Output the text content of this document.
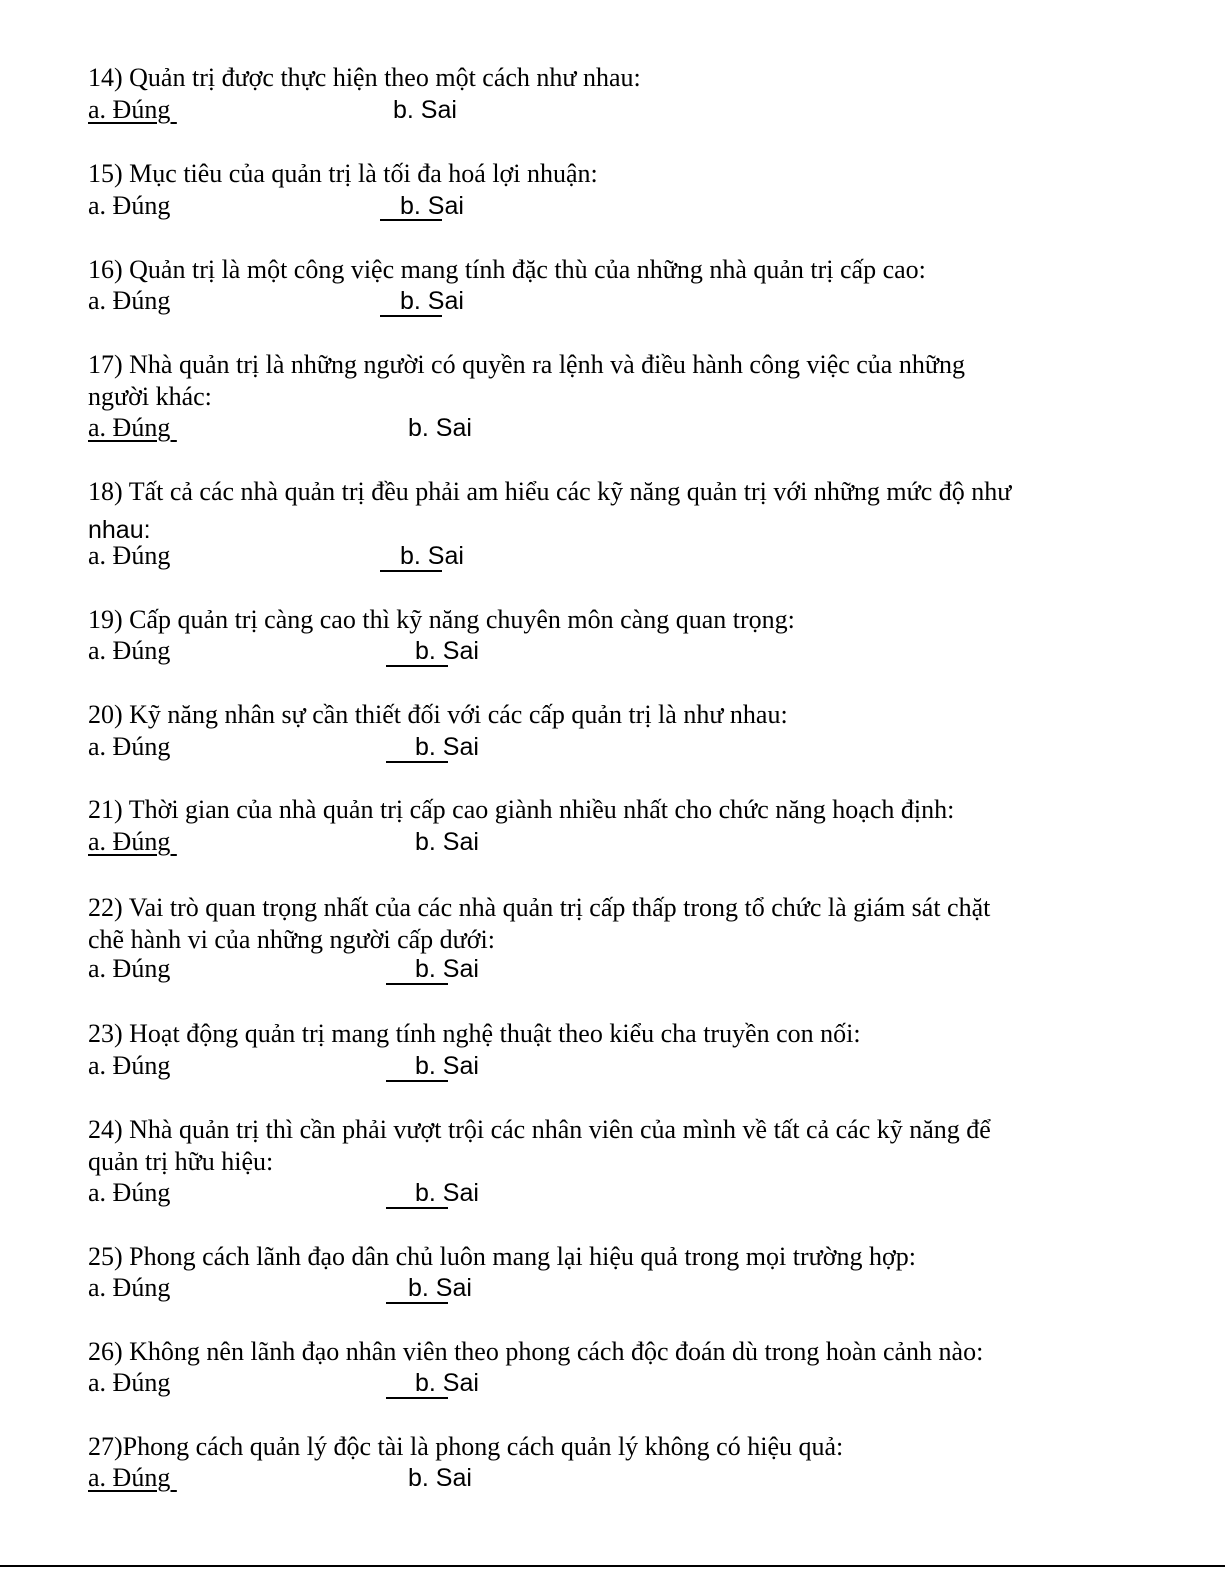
14) Quản trị được thực hiện theo một cách như nhau:
a. Đúng	b. Sai
15) Mục tiêu của quản trị là tối đa hoá lợi nhuận:
a. Đúng	b. Sai
16) Quản trị là một công việc mang tính đặc thù của những nhà quản trị cấp cao:
a. Đúng	b. Sai
17) Nhà quản trị là những người có quyền ra lệnh và điều hành công việc của những
người khác:
a. Đúng	b. Sai
18) Tất cả các nhà quản trị đều phải am hiểu các kỹ năng quản trị với những mức độ như
nhau:
a. Đúng	b. Sai
19) Cấp quản trị càng cao thì kỹ năng chuyên môn càng quan trọng:
a. Đúng	b. Sai
20) Kỹ năng nhân sự cần thiết đối với các cấp quản trị là như nhau:
a. Đúng	b. Sai
21) Thời gian của nhà quản trị cấp cao giành nhiều nhất cho chức năng hoạch định:
a. Đúng	b. Sai
22) Vai trò quan trọng nhất của các nhà quản trị cấp thấp trong tổ chức là giám sát chặt
chẽ hành vi của những người cấp dưới:
a. Đúng	b. Sai
23) Hoạt động quản trị mang tính nghệ thuật theo kiểu cha truyền con nối:
a. Đúng	b. Sai
24) Nhà quản trị thì cần phải vượt trội các nhân viên của mình về tất cả các kỹ năng để
quản trị hữu hiệu:
a. Đúng	b. Sai
25) Phong cách lãnh đạo dân chủ luôn mang lại hiệu quả trong mọi trường hợp:
a. Đúng	b. Sai
26) Không nên lãnh đạo nhân viên theo phong cách độc đoán dù trong hoàn cảnh nào:
a. Đúng	b. Sai
27)Phong cách quản lý độc tài là phong cách quản lý không có hiệu quả:
a. Đúng	b. Sai
